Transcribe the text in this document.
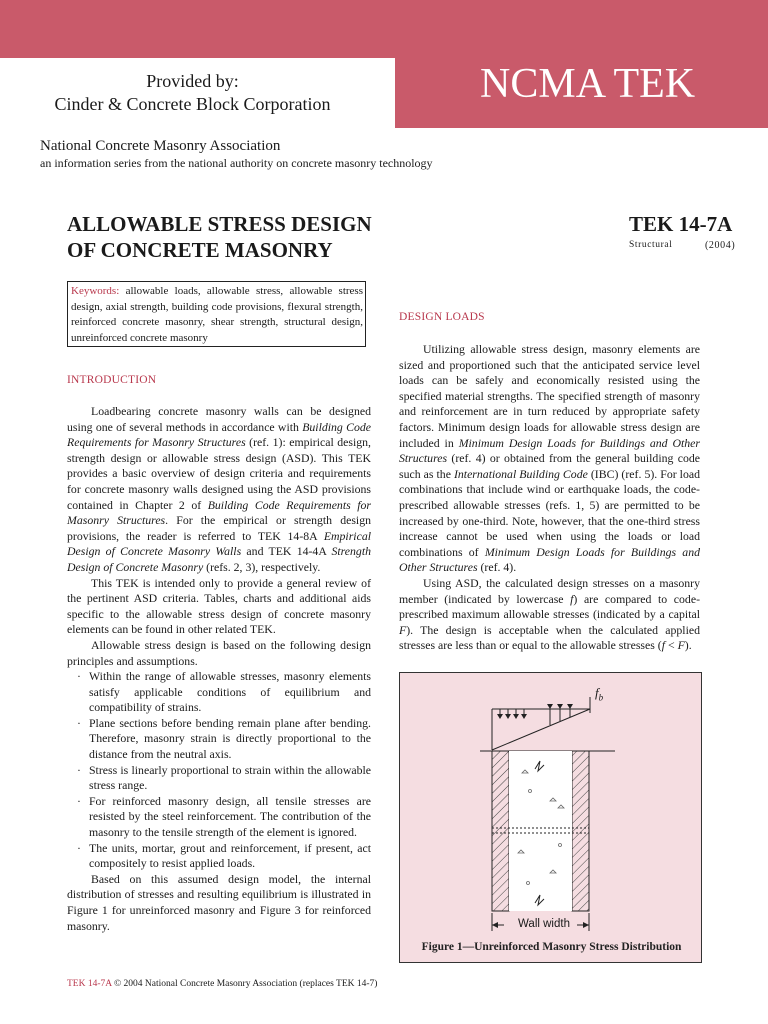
Provided by:
Cinder & Concrete Block Corporation	NCMA TEK
National Concrete Masonry Association
an information series from the national authority on concrete masonry technology
ALLOWABLE STRESS DESIGN
OF CONCRETE MASONRY
TEK 14-7A
Structural	(2004)
Keywords: allowable loads, allowable stress, allowable stress design, axial strength, building code provisions, flexural strength, reinforced concrete masonry, shear strength, structural design, unreinforced concrete masonry
INTRODUCTION

Loadbearing concrete masonry walls can be designed using one of several methods in accordance with Building Code Requirements for Masonry Structures (ref. 1): empirical design, strength design or allowable stress design (ASD). This TEK provides a basic overview of design criteria and requirements for concrete masonry walls designed using the ASD provisions contained in Chapter 2 of Building Code Requirements for Masonry Structures. For the empirical or strength design provisions, the reader is referred to TEK 14-8A Empirical Design of Concrete Masonry Walls and TEK 14-4A Strength Design of Concrete Masonry (refs. 2, 3), respectively.

This TEK is intended only to provide a general review of the pertinent ASD criteria. Tables, charts and additional aids specific to the allowable stress design of concrete masonry elements can be found in other related TEK.

Allowable stress design is based on the following design principles and assumptions.

· Within the range of allowable stresses, masonry elements satisfy applicable conditions of equilibrium and compatibility of strains.
· Plane sections before bending remain plane after bending. Therefore, masonry strain is directly proportional to the distance from the neutral axis.
· Stress is linearly proportional to strain within the allowable stress range.
· For reinforced masonry design, all tensile stresses are resisted by the steel reinforcement. The contribution of the masonry to the tensile strength of the element is ignored.
· The units, mortar, grout and reinforcement, if present, act compositely to resist applied loads.

Based on this assumed design model, the internal distribution of stresses and resulting equilibrium is illustrated in Figure 1 for unreinforced masonry and Figure 3 for reinforced masonry.

DESIGN LOADS

Utilizing allowable stress design, masonry elements are sized and proportioned such that the anticipated service level loads can be safely and economically resisted using the specified material strengths. The specified strength of masonry and reinforcement are in turn reduced by appropriate safety factors. Minimum design loads for allowable stress design are included in Minimum Design Loads for Buildings and Other Structures (ref. 4) or obtained from the general building code such as the International Building Code (IBC) (ref. 5). For load combinations that include wind or earthquake loads, the code-prescribed allowable stresses (refs. 1, 5) are permitted to be increased by one-third. Note, however, that the one-third stress increase cannot be used when using the loads or load combinations of Minimum Design Loads for Buildings and Other Structures (ref. 4).

Using ASD, the calculated design stresses on a masonry member (indicated by lowercase f) are compared to code-prescribed maximum allowable stresses (indicated by a capital F). The design is acceptable when the calculated applied stresses are less than or equal to the allowable stresses (f < F).

$f_b$
Wall width
Figure 1—Unreinforced Masonry Stress Distribution
TEK 14-7A © 2004 National Concrete Masonry Association (replaces TEK 14-7)
